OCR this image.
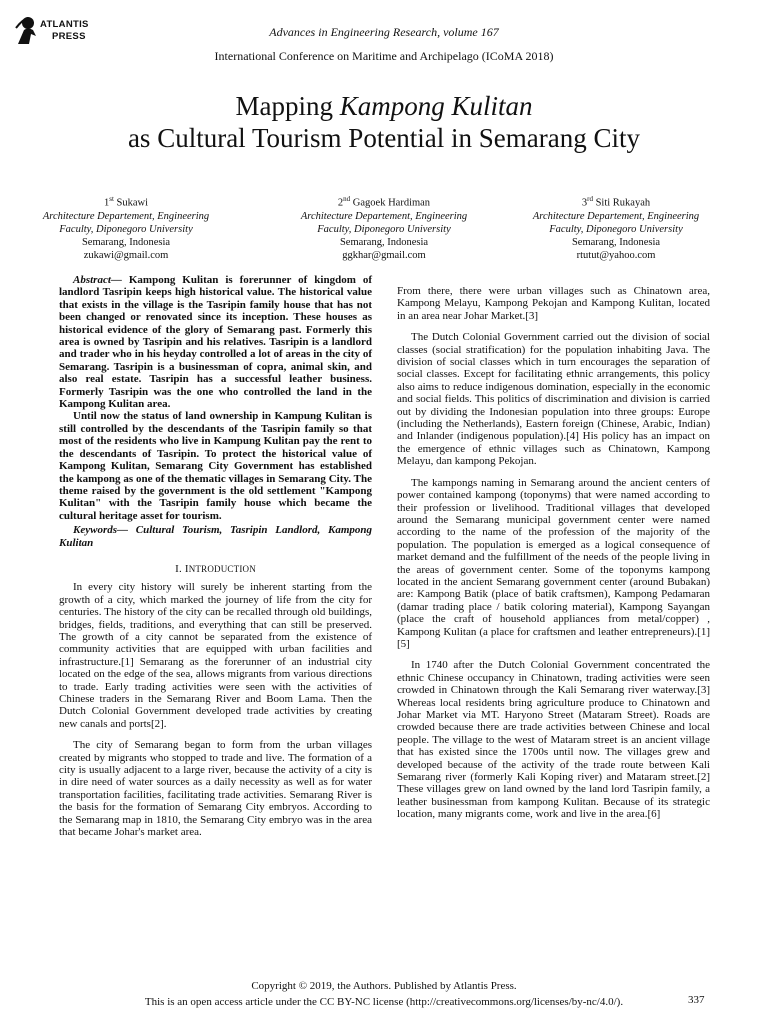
ATLANTIS
PRESS	Advances in Engineering Research, volume 167
International Conference on Maritime and Archipelago (ICoMA 2018)
Mapping Kampong Kulitan
as Cultural Tourism Potential in Semarang City
1st Sukawi
Architecture Departement, Engineering
Faculty, Diponegoro University
Semarang, Indonesia
zukawi@gmail.com
2nd Gagoek Hardiman
Architecture Departement, Engineering
Faculty, Diponegoro University
Semarang, Indonesia
ggkhar@gmail.com
3rd Siti Rukayah
Architecture Departement, Engineering
Faculty, Diponegoro University
Semarang, Indonesia
rtutut@yahoo.com

Abstract— Kampong Kulitan is forerunner of kingdom of landlord Tasripin keeps high historical value. The historical value that exists in the village is the Tasripin family house that has not been changed or renovated since its inception. These houses as historical evidence of the glory of Semarang past. Formerly this area is owned by Tasripin and his relatives. Tasripin is a landlord and trader who in his heyday controlled a lot of areas in the city of Semarang. Tasripin is a businessman of copra, animal skin, and also real estate. Tasripin has a successful leather business. Formerly Tasripin was the one who controlled the land in the Kampong Kulitan area.

Until now the status of land ownership in Kampung Kulitan is still controlled by the descendants of the Tasripin family so that most of the residents who live in Kampung Kulitan pay the rent to the descendants of Tasripin. To protect the historical value of Kampong Kulitan, Semarang City Government has established the kampong as one of the thematic villages in Semarang City. The theme raised by the government is the old settlement "Kampong Kulitan" with the Tasripin family house which became the cultural heritage asset for tourism.

Keywords— Cultural Tourism, Tasripin Landlord, Kampong Kulitan

I. INTRODUCTION

In every city history will surely be inherent starting from the growth of a city, which marked the journey of life from the city for centuries. The history of the city can be recalled through old buildings, bridges, fields, traditions, and everything that can still be preserved. The growth of a city cannot be separated from the existence of community activities that are equipped with urban facilities and infrastructure.[1] Semarang as the forerunner of an industrial city located on the edge of the sea, allows migrants from various directions to trade. Early trading activities were seen with the activities of Chinese traders in the Semarang River and Boom Lama. Then the Dutch Colonial Government developed trade activities by creating new canals and ports[2].

The city of Semarang began to form from the urban villages created by migrants who stopped to trade and live. The formation of a city is usually adjacent to a large river, because the activity of a city is in dire need of water sources as a daily necessity as well as for water transportation facilities, facilitating trade activities. Semarang River is the basis for the formation of Semarang City embryos. According to the Semarang map in 1810, the Semarang City embryo was in the area that became Johar's market area.

From there, there were urban villages such as Chinatown area, Kampong Melayu, Kampong Pekojan and Kampong Kulitan, located in an area near Johar Market.[3]

The Dutch Colonial Government carried out the division of social classes (social stratification) for the population inhabiting Java. The division of social classes which in turn encourages the separation of social classes. Except for facilitating ethnic arrangements, this policy also aims to reduce indigenous domination, especially in the economic and social fields. This politics of discrimination and division is carried out by dividing the Indonesian population into three groups: Europe (including the Netherlands), Eastern foreign (Chinese, Arabic, Indian) and Inlander (indigenous population).[4] His policy has an impact on the emergence of ethnic villages such as Chinatown, Kampong Melayu, dan kampong Pekojan.

The kampongs naming in Semarang around the ancient centers of power contained kampong (toponyms) that were named according to their profession or livelihood. Traditional villages that developed around the Semarang municipal government center were named according to the name of the profession of the majority of the population. The population is emerged as a logical consequence of market demand and the fulfillment of the needs of the people living in the areas of government center. Some of the toponyms kampong located in the ancient Semarang government center (around Bubakan) are: Kampong Batik (place of batik craftsmen), Kampong Pedamaran (damar trading place / batik coloring material), Kampong Sayangan (place the craft of household appliances from metal/copper) , Kampong Kulitan (a place for craftsmen and leather entrepreneurs).[1][5]

In 1740 after the Dutch Colonial Government concentrated the ethnic Chinese occupancy in Chinatown, trading activities were seen crowded in Chinatown through the Kali Semarang river waterway.[3] Whereas local residents bring agriculture produce to Chinatown and Johar Market via MT. Haryono Street (Mataram Street). Roads are crowded because there are trade activities between Chinese and local people. The village to the west of Mataram street is an ancient village that has existed since the 1700s until now. The villages grew and developed because of the activity of the trade route between Kali Semarang river (formerly Kali Koping river) and Mataram street.[2] These villages grew on land owned by the land lord Tasripin family, a leather businessman from kampong Kulitan. Because of its strategic location, many migrants come, work and live in the area.[6]

Copyright © 2019, the Authors. Published by Atlantis Press.
This is an open access article under the CC BY-NC license (http://creativecommons.org/licenses/by-nc/4.0/).	337
